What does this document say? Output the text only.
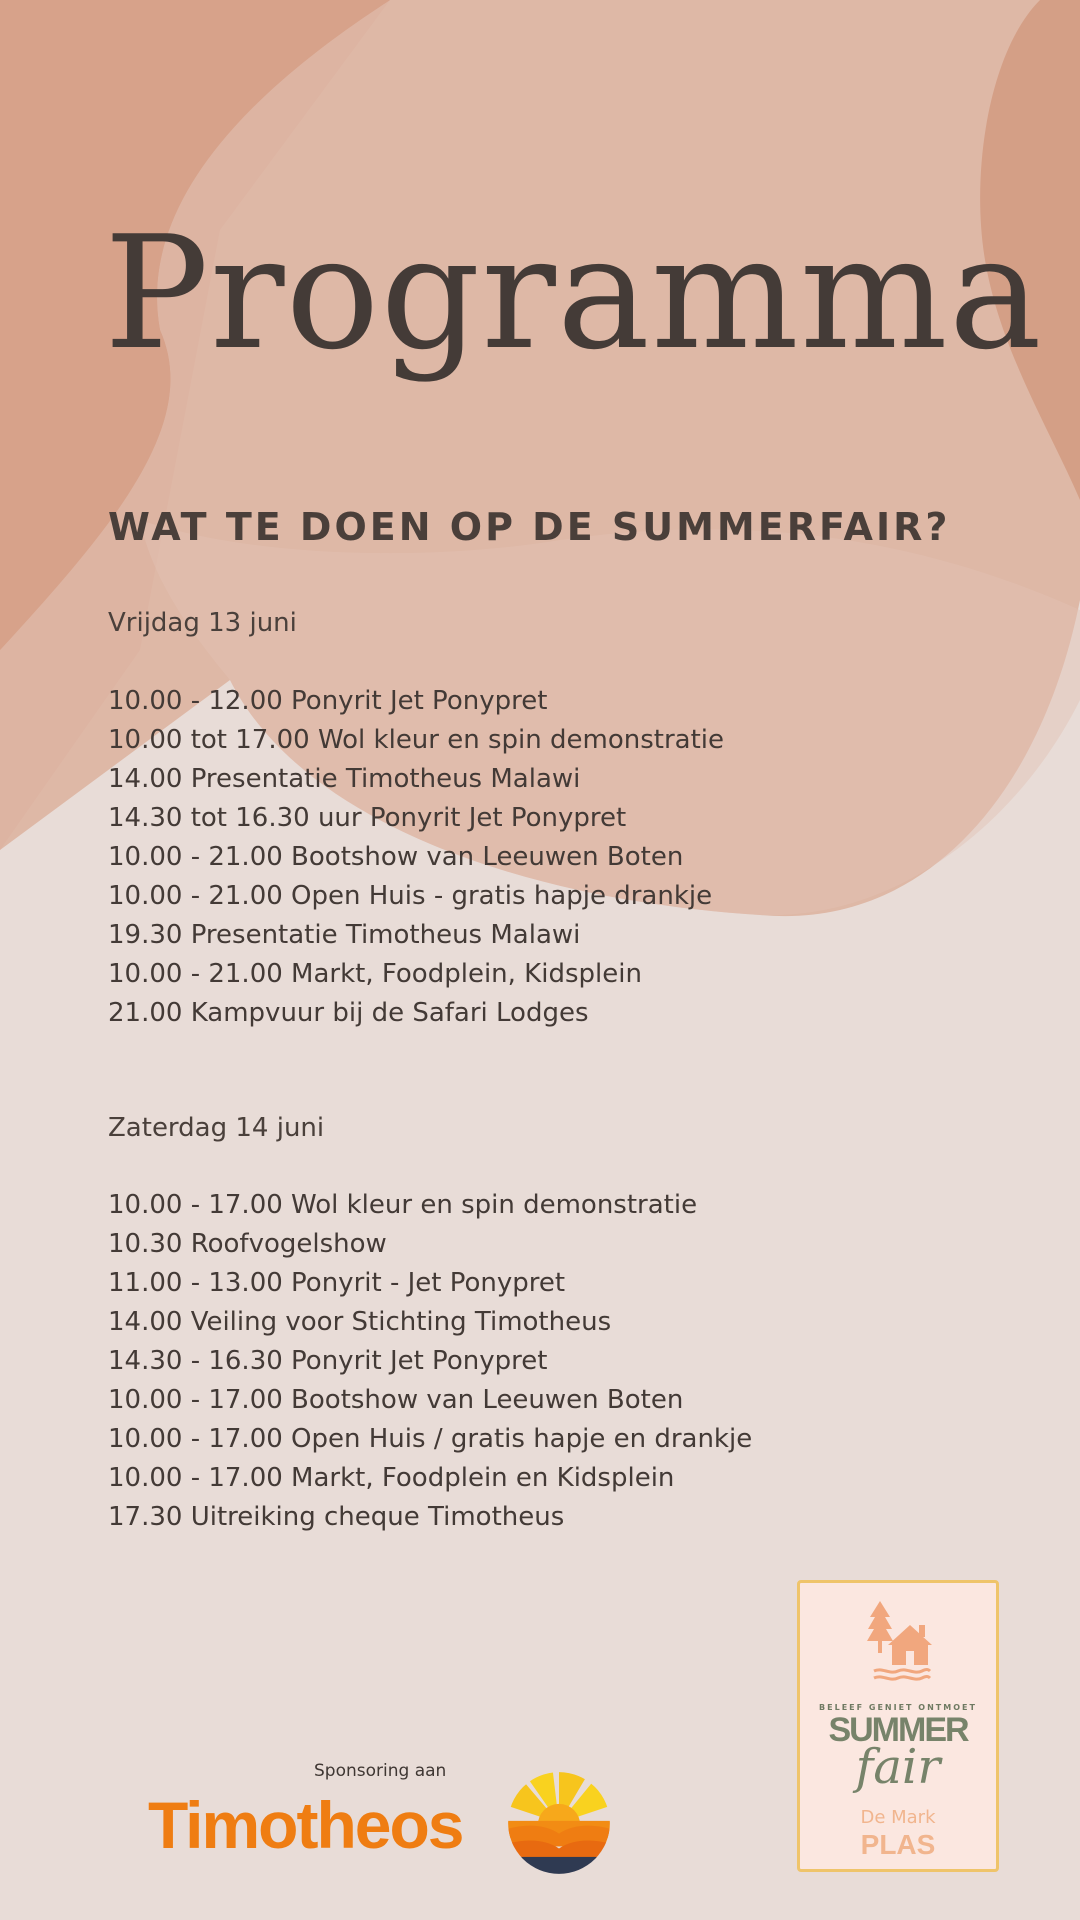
Programma
WAT TE DOEN OP DE SUMMERFAIR?
Vrijdag 13 juni
10.00 - 12.00 Ponyrit Jet Ponypret
10.00 tot 17.00 Wol kleur en spin demonstratie
14.00 Presentatie Timotheus Malawi
14.30 tot 16.30 uur Ponyrit Jet Ponypret
10.00 - 21.00 Bootshow van Leeuwen Boten
10.00 - 21.00 Open Huis - gratis hapje drankje
19.30 Presentatie Timotheus Malawi
10.00 - 21.00 Markt, Foodplein, Kidsplein
21.00 Kampvuur bij de Safari Lodges
Zaterdag 14 juni
10.00 - 17.00 Wol kleur en spin demonstratie
10.30 Roofvogelshow
11.00 - 13.00 Ponyrit - Jet Ponypret
14.00 Veiling voor Stichting Timotheus
14.30 - 16.30 Ponyrit Jet Ponypret
10.00 - 17.00 Bootshow van Leeuwen Boten
10.00 - 17.00 Open Huis / gratis hapje en drankje
10.00 - 17.00 Markt, Foodplein en Kidsplein
17.30 Uitreiking cheque Timotheus
Sponsoring aan
Timotheos
BELEEF GENIET ONTMOET
SUMMER
fair
De Mark
PLAS
